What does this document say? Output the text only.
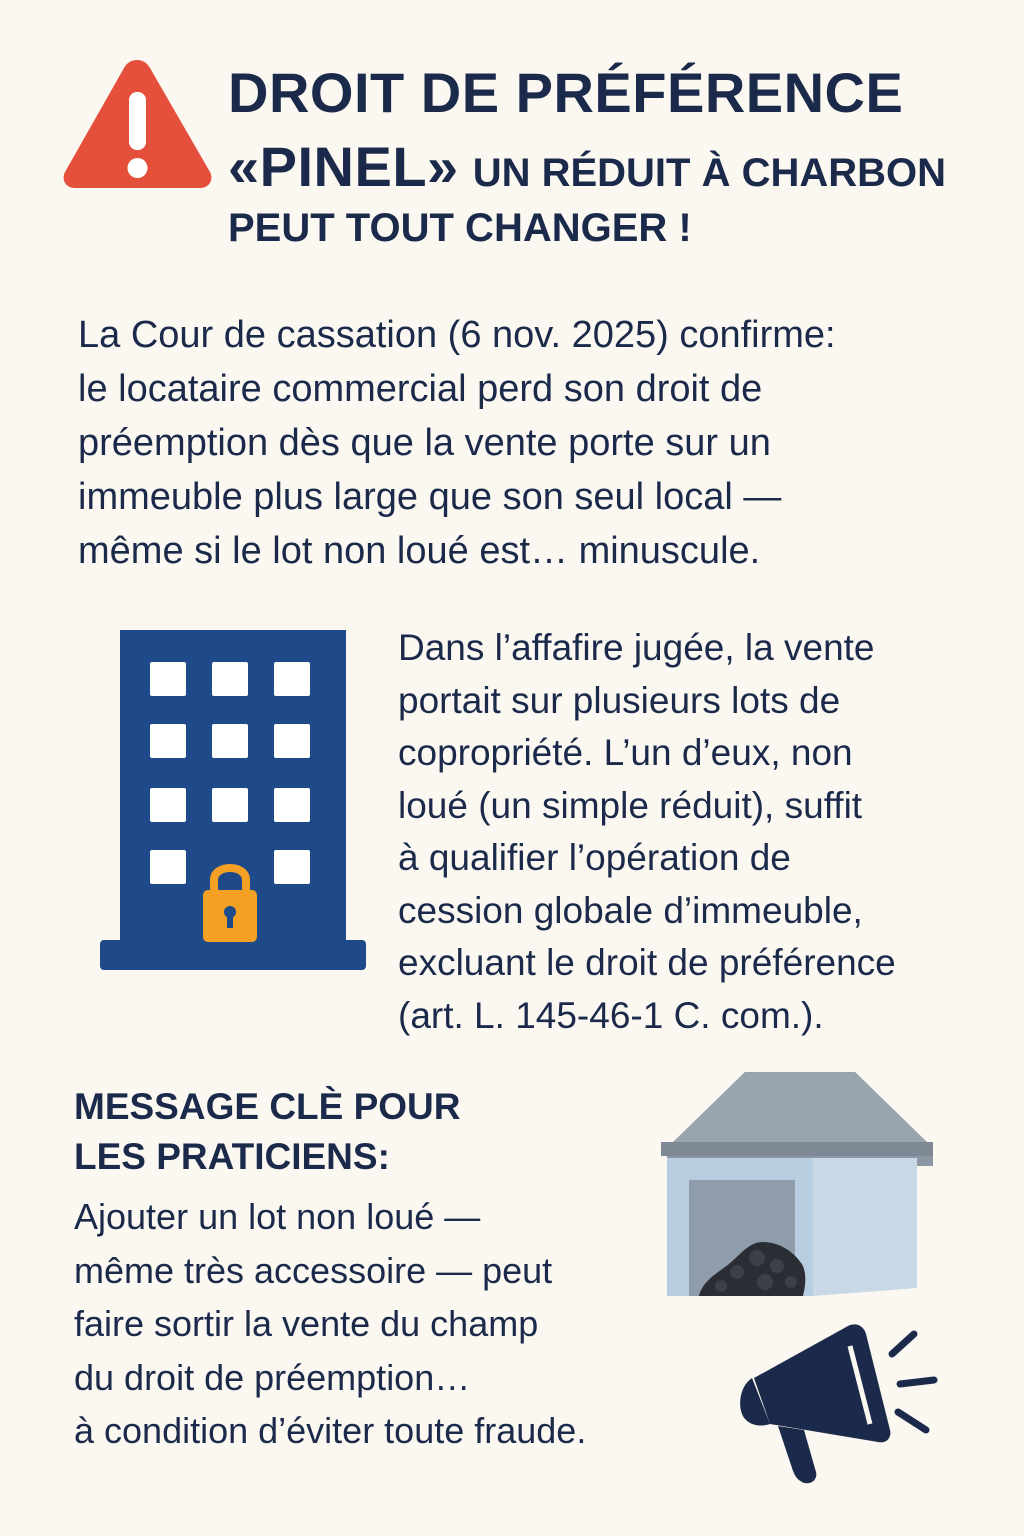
DROIT DE PRÉFÉRENCE
«PINEL» UN RÉDUIT À CHARBON
PEUT TOUT CHANGER !

La Cour de cassation (6 nov. 2025) confirme:

le locataire commercial perd son droit de

préemption dès que la vente porte sur un

immeuble plus large que son seul local —

même si le lot non loué est… minuscule.

Dans l’affafire jugée, la vente

portait sur plusieurs lots de

copropriété. L’un d’eux, non

loué (un simple réduit), suffit

à qualifier l’opération de

cession globale d’immeuble,

excluant le droit de préférence

(art. L. 145-46-1 C. com.).

MESSAGE CLÈ POUR

LES PRATICIENS:

Ajouter un lot non loué —

même très accessoire — peut

faire sortir la vente du champ

du droit de préemption…

à condition d’éviter toute fraude.
